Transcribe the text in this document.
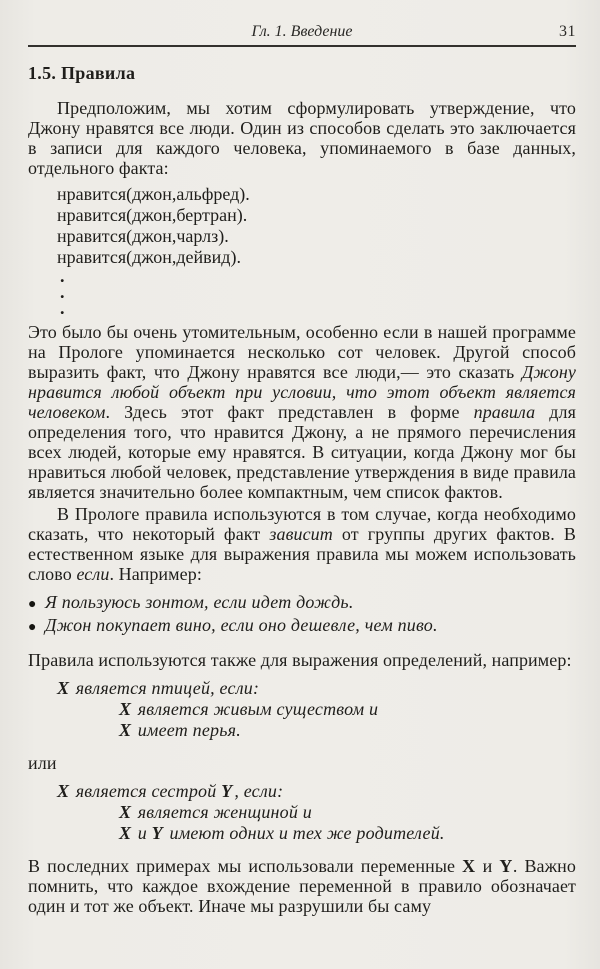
Гл. 1. Введение	31
1.5. Правила

Предположим, мы хотим сформулировать утверждение, что Джону нравятся все люди. Один из способов сделать это заключается в записи для каждого человека, упоминаемого в базе данных, отдельного факта:

нравится(джон,альфред).
нравится(джон,бертран).
нравится(джон,чарлз).
нравится(джон,дейвид).
.
.
.

Это было бы очень утомительным, особенно если в нашей программе на Прологе упоминается несколько сот человек. Другой способ выразить факт, что Джону нравятся все люди,— это сказать Джону нравится любой объект при условии, что этот объект является человеком. Здесь этот факт представлен в форме правила для определения того, что нравится Джону, а не прямого перечисления всех людей, которые ему нравятся. В ситуации, когда Джону мог бы нравиться любой человек, представление утверждения в виде правила является значительно более компактным, чем список фактов.

В Прологе правила используются в том случае, когда необходимо сказать, что некоторый факт зависит от группы других фактов. В естественном языке для выражения правила мы можем использовать слово если. Например:

● Я пользуюсь зонтом, если идет дождь.
● Джон покупает вино, если оно дешевле, чем пиво.

Правила используются также для выражения определений, например:

X является птицей, если:
X является живым существом и
X имеет перья.

или

X является сестрой Y , если:
X является женщиной и
X и Y имеют одних и тех же родителей.

В последних примерах мы использовали переменные X и Y. Важно помнить, что каждое вхождение переменной в правило обозначает один и тот же объект. Иначе мы разрушили бы саму
